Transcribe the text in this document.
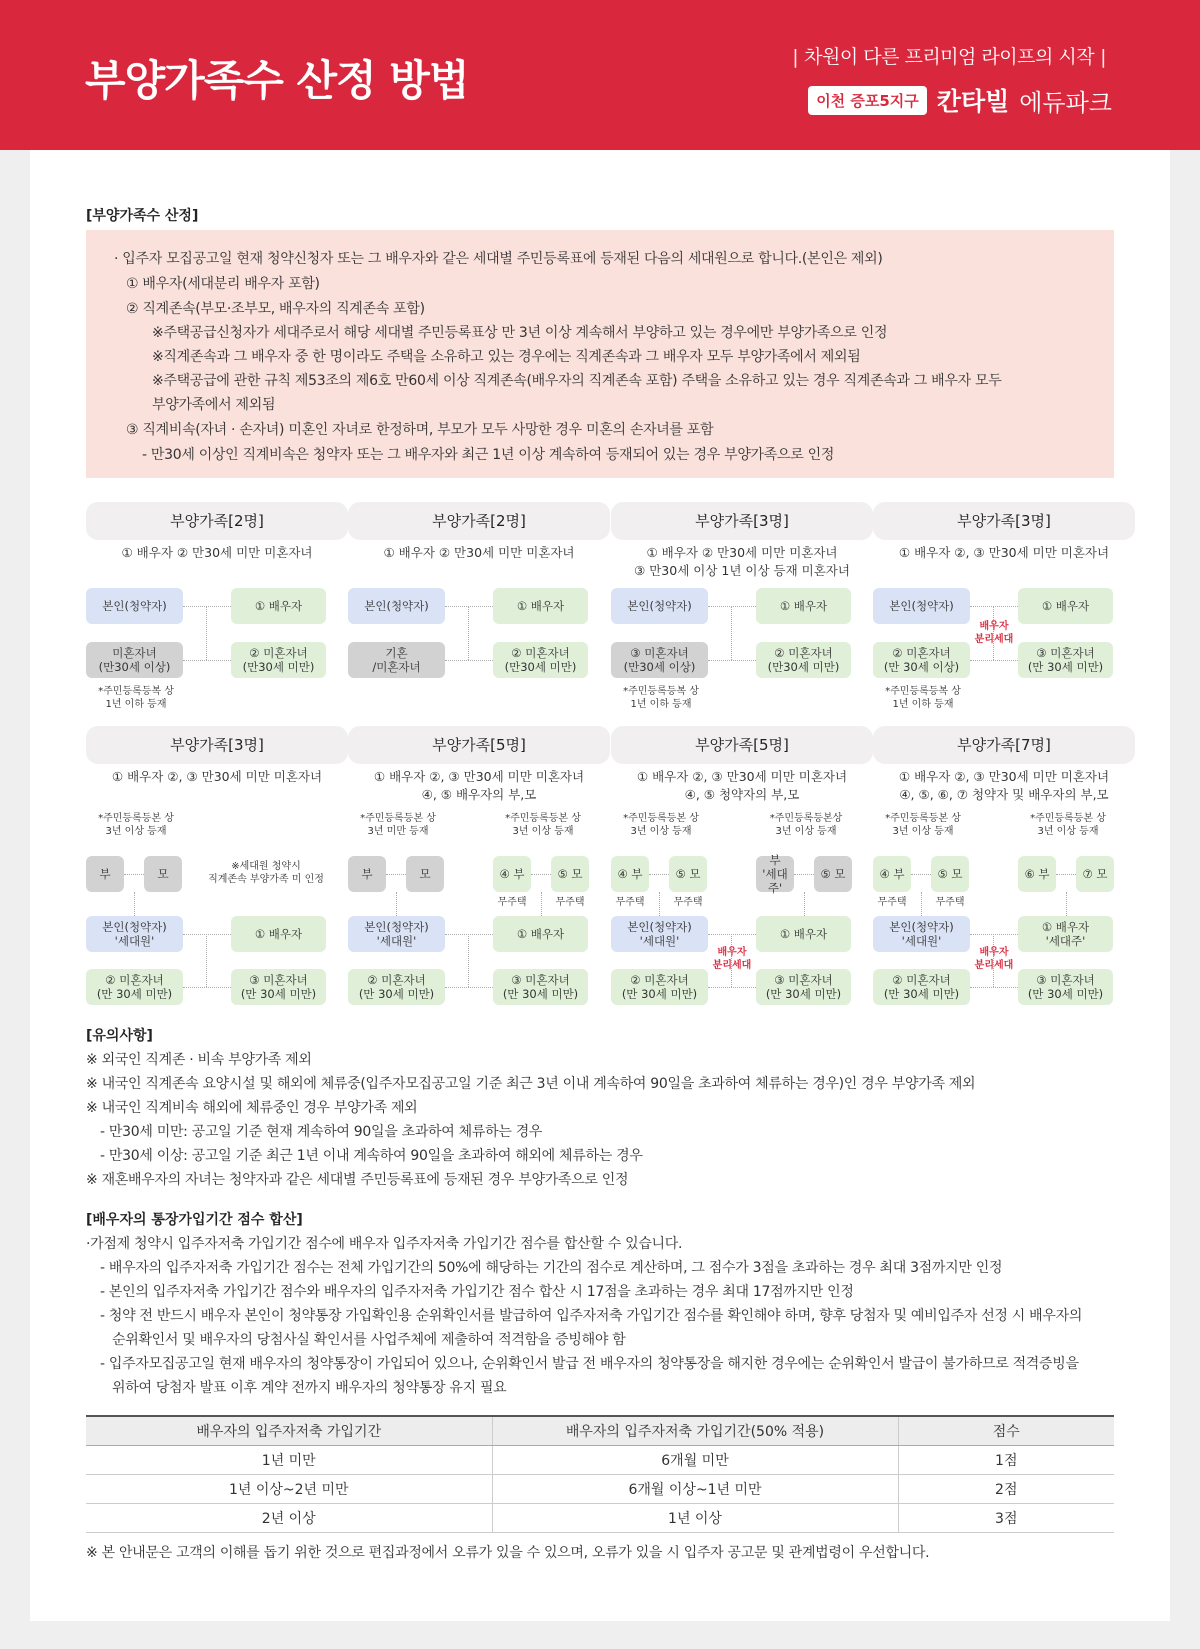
부양가족수 산정 방법	| 차원이 다른 프리미엄 라이프의 시작 |
이천 증포5지구 칸타빌 에듀파크
[부양가족수 산정]
· 입주자 모집공고일 현재 청약신청자 또는 그 배우자와 같은 세대별 주민등록표에 등재된 다음의 세대원으로 합니다.(본인은 제외)
① 배우자(세대분리 배우자 포함)
② 직계존속(부모·조부모, 배우자의 직계존속 포함)
※주택공급신청자가 세대주로서 해당 세대별 주민등록표상 만 3년 이상 계속해서 부양하고 있는 경우에만 부양가족으로 인정
※직계존속과 그 배우자 중 한 명이라도 주택을 소유하고 있는 경우에는 직계존속과 그 배우자 모두 부양가족에서 제외됨
※주택공급에 관한 규칙 제53조의 제6호 만60세 이상 직계존속(배우자의 직계존속 포함) 주택을 소유하고 있는 경우 직계존속과 그 배우자 모두
부양가족에서 제외됨
③ 직계비속(자녀 · 손자녀) 미혼인 자녀로 한정하며, 부모가 모두 사망한 경우 미혼의 손자녀를 포함
- 만30세 이상인 직계비속은 청약자 또는 그 배우자와 최근 1년 이상 계속하여 등재되어 있는 경우 부양가족으로 인정
부양가족[2명]
① 배우자 ② 만30세 미만 미혼자녀
본인(청약자)	① 배우자
미혼자녀
(만30세 이상)
② 미혼자녀
(만30세 미만)
*주민등록등복 상
1년 이하 등재
부양가족[2명]
① 배우자 ② 만30세 미만 미혼자녀
본인(청약자)	① 배우자
기혼
/미혼자녀
② 미혼자녀
(만30세 미만)
부양가족[3명]
① 배우자 ② 만30세 미만 미혼자녀
③ 만30세 이상 1년 이상 등재 미혼자녀
본인(청약자)	① 배우자
③ 미혼자녀
(만30세 이상)
② 미혼자녀
(만30세 미만)
*주민등록등복 상
1년 이하 등재
부양가족[3명]
① 배우자 ②, ③ 만30세 미만 미혼자녀
본인(청약자)	① 배우자
② 미혼자녀
(만 30세 이상)
③ 미혼자녀
(만 30세 미만)
배우자
분리세대
*주민등록등복 상
1년 이하 등재
부양가족[3명]
① 배우자 ②, ③ 만30세 미만 미혼자녀
*주민등록등본 상
3년 이상 등재
부	모
※세대원 청약시
직계존속 부양가족 미 인정
본인(청약자)
'세대원'	① 배우자
② 미혼자녀
(만 30세 미만)
③ 미혼자녀
(만 30세 미만)
부양가족[5명]
① 배우자 ②, ③ 만30세 미만 미혼자녀
④, ⑤ 배우자의 부,모
*주민등록등본 상
3년 미만 등재
*주민등록등본 상
3년 이상 등재
부	모	④ 부	⑤ 모
무주택	무주택
본인(청약자)
'세대원'	① 배우자
② 미혼자녀
(만 30세 미만)
③ 미혼자녀
(만 30세 미만)
부양가족[5명]
① 배우자 ②, ③ 만30세 미만 미혼자녀
④, ⑤ 청약자의 부,모
*주민등록등본 상
3년 이상 등재
*주민등록등본상
3년 이상 등재
④ 부	⑤ 모
부
'세대주'
⑤ 모
무주택	무주택
본인(청약자)
'세대원'	① 배우자
② 미혼자녀
(만 30세 미만)
③ 미혼자녀
(만 30세 미만)
배우자
분리세대
부양가족[7명]
① 배우자 ②, ③ 만30세 미만 미혼자녀
④, ⑤, ⑥, ⑦ 청약자 및 배우자의 부,모
*주민등록등본 상
3년 이상 등재
*주민등록등본 상
3년 이상 등재
④ 부	⑤ 모	⑥ 부	⑦ 모
무주택	무주택
본인(청약자)
'세대원'
① 배우자
'세대주'
② 미혼자녀
(만 30세 미만)
③ 미혼자녀
(만 30세 미만)
배우자
분리세대
[유의사항]
※ 외국인 직계존 · 비속 부양가족 제외
※ 내국인 직계존속 요양시설 및 해외에 체류중(입주자모집공고일 기준 최근 3년 이내 계속하여 90일을 초과하여 체류하는 경우)인 경우 부양가족 제외
※ 내국인 직계비속 해외에 체류중인 경우 부양가족 제외
- 만30세 미만: 공고일 기준 현재 계속하여 90일을 초과하여 체류하는 경우
- 만30세 이상: 공고일 기준 최근 1년 이내 계속하여 90일을 초과하여 해외에 체류하는 경우
※ 재혼배우자의 자녀는 청약자과 같은 세대별 주민등록표에 등재된 경우 부양가족으로 인정
[배우자의 통장가입기간 점수 합산]
·가점제 청약시 입주자저축 가입기간 점수에 배우자 입주자저축 가입기간 점수를 합산할 수 있습니다.
- 배우자의 입주자저축 가입기간 점수는 전체 가입기간의 50%에 해당하는 기간의 점수로 계산하며, 그 점수가 3점을 초과하는 경우 최대 3점까지만 인정
- 본인의 입주자저축 가입기간 점수와 배우자의 입주자저축 가입기간 점수 합산 시 17점을 초과하는 경우 최대 17점까지만 인정
- 청약 전 반드시 배우자 본인이 청약통장 가입확인용 순위확인서를 발급하여 입주자저축 가입기간 점수를 확인해야 하며, 향후 당첨자 및 예비입주자 선정 시 배우자의
순위확인서 및 배우자의 당첨사실 확인서를 사업주체에 제출하여 적격함을 증빙해야 함
- 입주자모집공고일 현재 배우자의 청약통장이 가입되어 있으나, 순위확인서 발급 전 배우자의 청약통장을 해지한 경우에는 순위확인서 발급이 불가하므로 적격증빙을
위하여 당첨자 발표 이후 계약 전까지 배우자의 청약통장 유지 필요
배우자의 입주자저축 가입기간	배우자의 입주자저축 가입기간(50% 적용)	점수
1년 미만	6개월 미만	1점
1년 이상~2년 미만	6개월 이상~1년 미만	2점
2년 이상	1년 이상	3점
※ 본 안내문은 고객의 이해를 돕기 위한 것으로 편집과정에서 오류가 있을 수 있으며, 오류가 있을 시 입주자 공고문 및 관계법령이 우선합니다.
